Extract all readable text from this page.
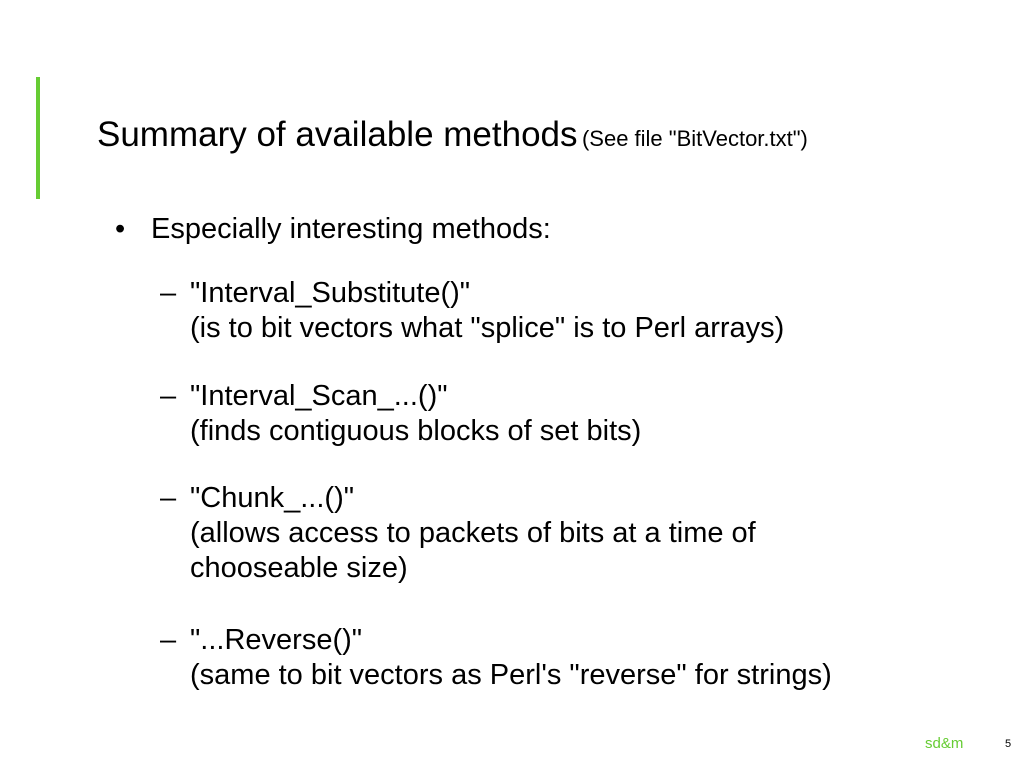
Summary of available methods (See file "BitVector.txt")
• Especially interesting methods:
– "Interval_Substitute()"
(is to bit vectors what "splice" is to Perl arrays)
– "Interval_Scan_...()"
(finds contiguous blocks of set bits)
– "Chunk_...()"
(allows access to packets of bits at a time of
chooseable size)
– "...Reverse()"
(same to bit vectors as Perl's "reverse" for strings)
sd&m	5
